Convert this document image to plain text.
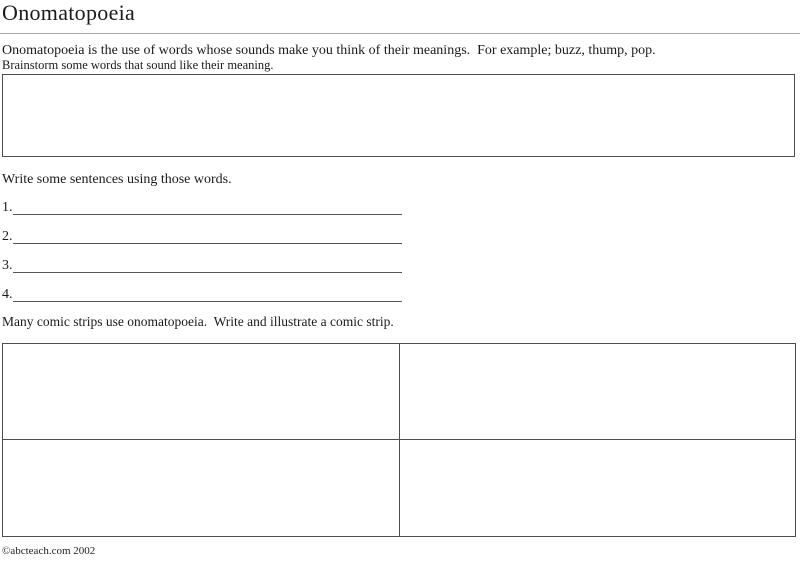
Onomatopoeia

Onomatopoeia is the use of words whose sounds make you think of their meanings.  For example; buzz, thump, pop.

Brainstorm some words that sound like their meaning.

Write some sentences using those words.

1.
2.
3.
4.

Many comic strips use onomatopoeia.  Write and illustrate a comic strip.

©abcteach.com 2002
